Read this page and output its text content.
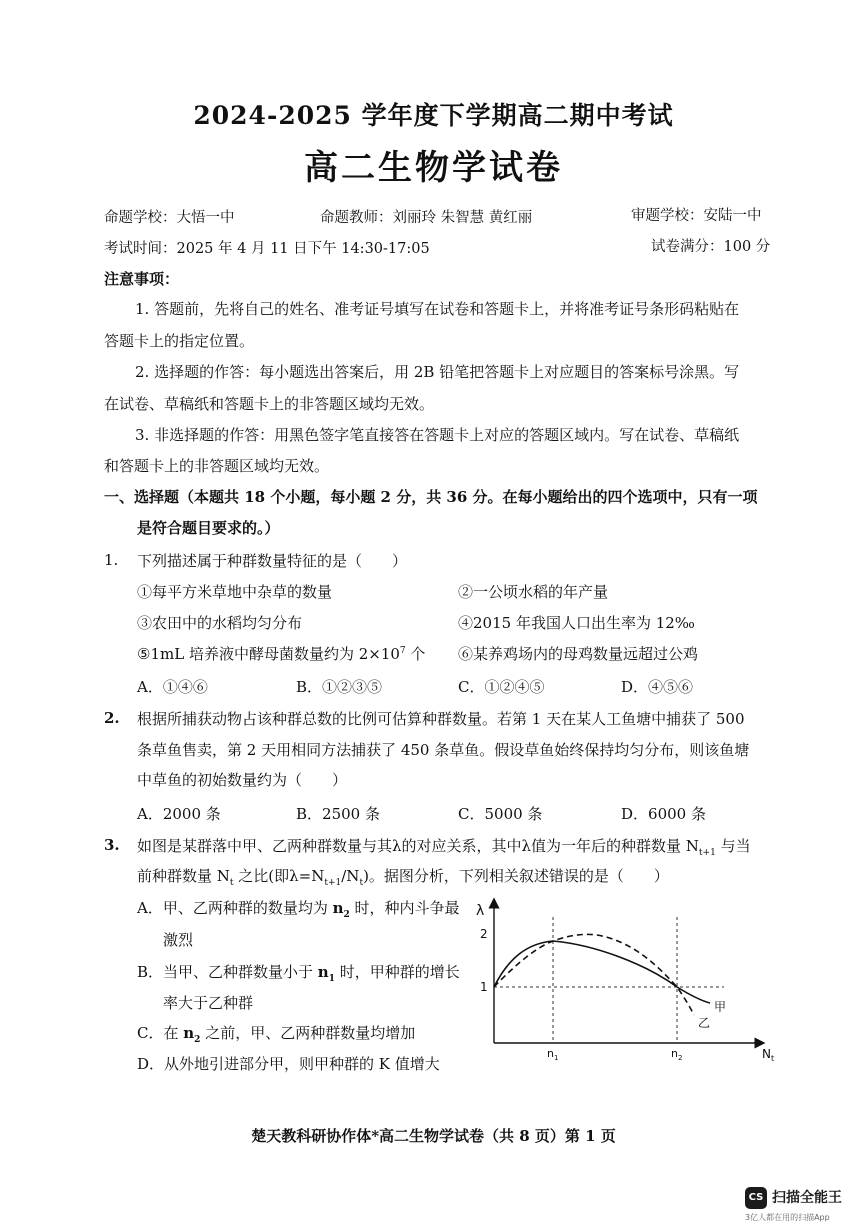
2024-2025 学年度下学期高二期中考试
高二生物学试卷
命题学校：大悟一中	命题教师：刘丽玲 朱智慧 黄红丽	审题学校：安陆一中
考试时间：2025 年 4 月 11 日下午 14:30-17:05	试卷满分：100 分
注意事项：
1. 答题前，先将自己的姓名、准考证号填写在试卷和答题卡上，并将准考证号条形码粘贴在
答题卡上的指定位置。
2. 选择题的作答：每小题选出答案后，用 2B 铅笔把答题卡上对应题目的答案标号涂黑。写
在试卷、草稿纸和答题卡上的非答题区域均无效。
3. 非选择题的作答：用黑色签字笔直接答在答题卡上对应的答题区域内。写在试卷、草稿纸
和答题卡上的非答题区域均无效。
一、选择题（本题共 18 个小题，每小题 2 分，共 36 分。在每小题给出的四个选项中，只有一项
是符合题目要求的。）
1. 下列描述属于种群数量特征的是（　　）
①每平方米草地中杂草的数量	②一公顷水稻的年产量
③农田中的水稻均匀分布	④2015 年我国人口出生率为 12‰
⑤1mL 培养液中酵母菌数量约为 $2\times 10^7$ 个 ⑥某养鸡场内的母鸡数量远超过公鸡
A．①④⑥	B．①②③⑤	C．①②④⑤	D．④⑤⑥
2. 根据所捕获动物占该种群总数的比例可估算种群数量。若第 1 天在某人工鱼塘中捕获了 500
条草鱼售卖，第 2 天用相同方法捕获了 450 条草鱼。假设草鱼始终保持均匀分布，则该鱼塘
中草鱼的初始数量约为（　　）
A．2000 条	B．2500 条	C．5000 条	D．6000 条
3. 如图是某群落中甲、乙两种群数量与其λ的对应关系，其中λ值为一年后的种群数量 $N_{t+1}$ 与当
前种群数量 $N_t$ 之比(即$\lambda=N_{t+1}/N_t$)。据图分析，下列相关叙述错误的是（　　）
A．甲、乙两种群的数量均为 $n_2$ 时，种内斗争最
激烈
B．当甲、乙种群数量小于 $n_1$ 时，甲种群的增长
率大于乙种群
C．在 $n_2$ 之前，甲、乙两种群数量均增加
D．从外地引进部分甲，则甲种群的 K 值增大
λ
2
1
$n_1$	$n_2$	$N_t$
甲
乙
楚天教科研协作体*高二生物学试卷（共 8 页）第 1 页
CS 扫描全能王
3亿人都在用的扫描App
